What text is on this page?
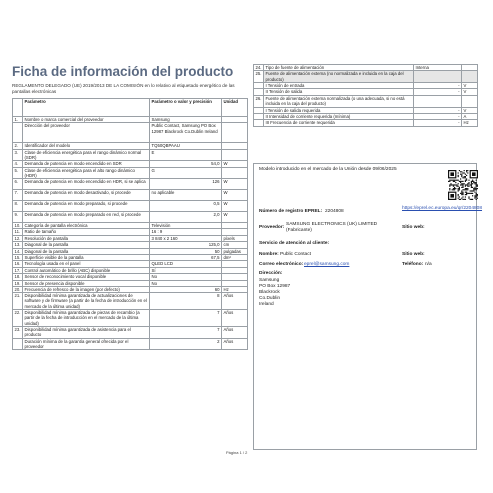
Ficha de información del producto
REGLAMENTO DELEGADO (UE) 2019/2013 DE LA COMISIÓN en lo relativo al etiquetado energético de las pantallas electrónicas
	Parámetro	Parámetro o valor y precisión	Unidad
1.	Nombre o marca comercial del proveedor	Samsung	
	Dirección del proveedor	Public Contact, Samsung PO Box 12987 Blackrock Co.Dublin Ireland	
2.	Identificador del modelo	TQ50QBPAAU	
3.	Clase de eficiencia energética para el rango dinámico normal (SDR)	E	
4.	Demanda de potencia en modo encendido en SDR	54,0	W
5.	Clase de eficiencia energética para el alto rango dinámico (HDR)	G	
6.	Demanda de potencia en modo encendido en HDR, si se aplica	126	W
7.	Demanda de potencia en modo desactivado, si procede	no aplicable	W
8.	Demanda de potencia en modo preparado, si procede	0,5	W
9.	Demanda de potencia en modo preparado en red, si procede	2,0	W
10.	Categoría de pantalla electrónica	Televisión	
11.	Ratio de tamaño	16 : 9	
12.	Resolución de pantalla	3 840 x 2 160	píxels
13.	Diagonal de la pantalla	125,0	cm
14.	Diagonal de la pantalla	50	pulgadas
15.	Superficie visible de la pantalla	67,5	dm²
16.	Tecnología usada en el panel	QLED LCD	
17.	Control automático de brillo (ABC) disponible	Sí	
18.	Sensor de reconocimiento vocal disponible	No	
19.	Sensor de presencia disponible	No	
20.	Frecuencia de refresco de la imagen (por defecto)	60	Hz
21.	Disponibilidad mínima garantizada de actualizaciones de software y de firmware (a partir de la fecha de introducción en el mercado de la última unidad)	8	Años
22.	Disponibilidad mínima garantizada de piezas de recambio (a partir de la fecha de introducción en el mercado de la última unidad)	7	Años
23.	Disponibilidad mínima garantizada de asistencia para el producto	7	Años
	Duración mínima de la garantía general ofrecida por el proveedor	2	Años
24.	Tipo de fuente de alimentación	Interna	
25.	Fuente de alimentación externa (no normalizada e incluida en la caja del producto)		
	I Tensión de entrada	-	V
	II Tensión de salida	-	V
26.	Fuente de alimentación externa normalizada (o una adecuada, si no está incluida en la caja del producto)		
	I Tensión de salida requerida	-	V
	II Intensidad de corriente requerida (mínima)	-	A
	III Frecuencia de corriente requerida	-	Hz
Modelo introducido en el mercado de la Unión desde 09/06/2025
Número de registro EPREL: 2204808
https://eprel.ec.europa.eu/qr/2204808
Proveedor:
SAMSUNG ELECTRONICS (UK) LIMITED (Fabricante)
Sitio web:
Servicio de atención al cliente:
Nombre: Public Contact
Correo electrónico: eprel@samsung.com
Sitio web:
Teléfono: n/a
Dirección:
Samsung
PO Box 12987
Blackrock
Co.Dublin
Ireland
Página 1 / 2
